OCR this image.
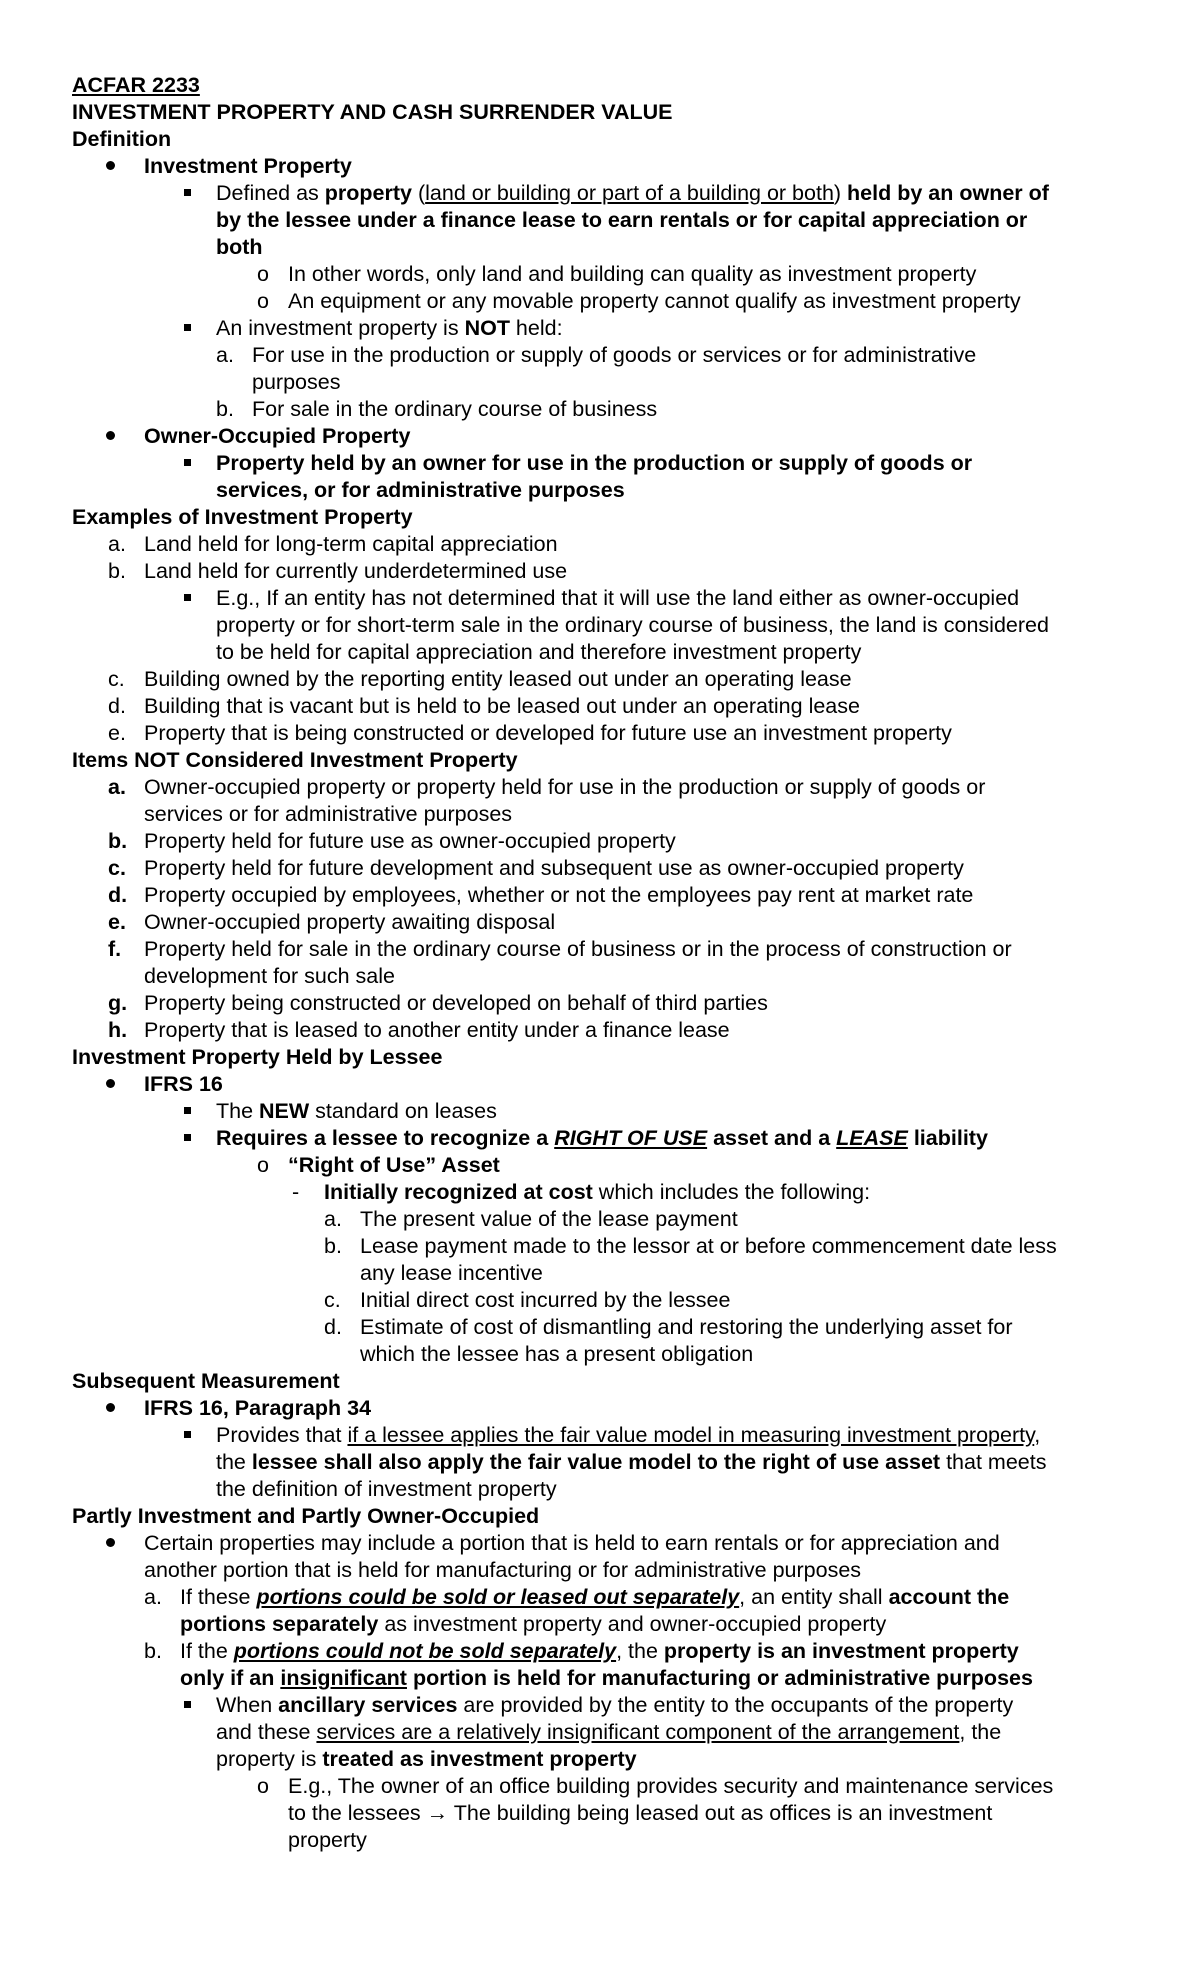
ACFAR 2233
INVESTMENT PROPERTY AND CASH SURRENDER VALUE
Definition
Investment Property
Defined as property (land or building or part of a building or both) held by an owner of
by the lessee under a finance lease to earn rentals or for capital appreciation or
both
o In other words, only land and building can quality as investment property
o An equipment or any movable property cannot qualify as investment property
An investment property is NOT held:
a. For use in the production or supply of goods or services or for administrative
purposes
b. For sale in the ordinary course of business
Owner-Occupied Property
Property held by an owner for use in the production or supply of goods or
services, or for administrative purposes
Examples of Investment Property
a. Land held for long-term capital appreciation
b. Land held for currently underdetermined use
E.g., If an entity has not determined that it will use the land either as owner-occupied
property or for short-term sale in the ordinary course of business, the land is considered
to be held for capital appreciation and therefore investment property
c. Building owned by the reporting entity leased out under an operating lease
d. Building that is vacant but is held to be leased out under an operating lease
e. Property that is being constructed or developed for future use an investment property
Items NOT Considered Investment Property
a. Owner-occupied property or property held for use in the production or supply of goods or
services or for administrative purposes
b. Property held for future use as owner-occupied property
c. Property held for future development and subsequent use as owner-occupied property
d. Property occupied by employees, whether or not the employees pay rent at market rate
e. Owner-occupied property awaiting disposal
f. Property held for sale in the ordinary course of business or in the process of construction or
development for such sale
g. Property being constructed or developed on behalf of third parties
h. Property that is leased to another entity under a finance lease
Investment Property Held by Lessee
IFRS 16
The NEW standard on leases
Requires a lessee to recognize a RIGHT OF USE asset and a LEASE liability
o “Right of Use” Asset
- Initially recognized at cost which includes the following:
a. The present value of the lease payment
b. Lease payment made to the lessor at or before commencement date less
any lease incentive
c. Initial direct cost incurred by the lessee
d. Estimate of cost of dismantling and restoring the underlying asset for
which the lessee has a present obligation
Subsequent Measurement
IFRS 16, Paragraph 34
Provides that if a lessee applies the fair value model in measuring investment property,
the lessee shall also apply the fair value model to the right of use asset that meets
the definition of investment property
Partly Investment and Partly Owner-Occupied
Certain properties may include a portion that is held to earn rentals or for appreciation and
another portion that is held for manufacturing or for administrative purposes
a. If these portions could be sold or leased out separately, an entity shall account the
portions separately as investment property and owner-occupied property
b. If the portions could not be sold separately, the property is an investment property
only if an insignificant portion is held for manufacturing or administrative purposes
When ancillary services are provided by the entity to the occupants of the property
and these services are a relatively insignificant component of the arrangement, the
property is treated as investment property
o E.g., The owner of an office building provides security and maintenance services
to the lessees → The building being leased out as offices is an investment
property
